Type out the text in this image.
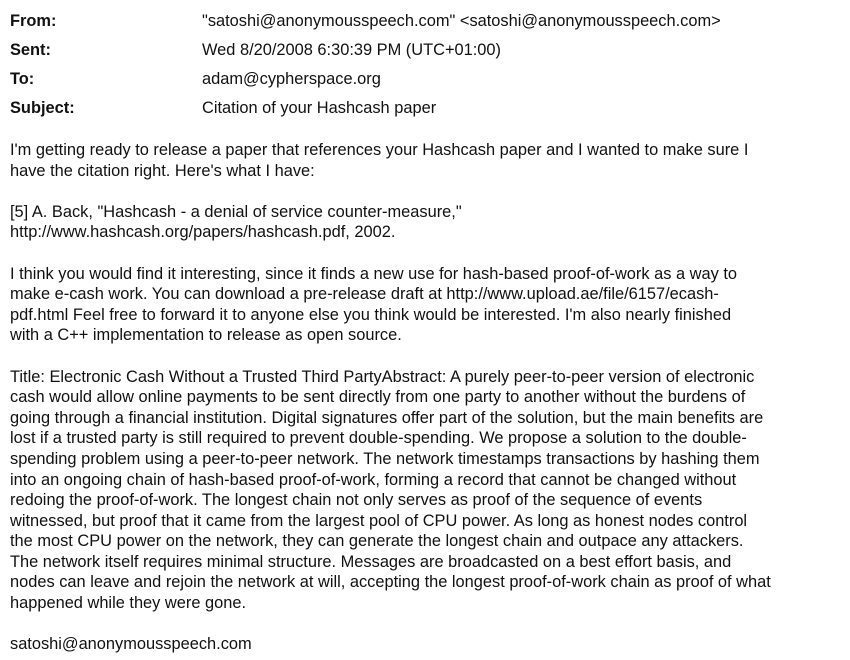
From:	"satoshi@anonymousspeech.com" <satoshi@anonymousspeech.com>
Sent:	Wed 8/20/2008 6:30:39 PM (UTC+01:00)
To:	adam@cypherspace.org
Subject:	Citation of your Hashcash paper

I'm getting ready to release a paper that references your Hashcash paper and I wanted to make sure I
have the citation right. Here's what I have:

[5] A. Back, "Hashcash - a denial of service counter-measure,"
http://www.hashcash.org/papers/hashcash.pdf, 2002.

I think you would find it interesting, since it finds a new use for hash-based proof-of-work as a way to
make e-cash work. You can download a pre-release draft at http://www.upload.ae/file/6157/ecash-
pdf.html Feel free to forward it to anyone else you think would be interested. I'm also nearly finished
with a C++ implementation to release as open source.

Title: Electronic Cash Without a Trusted Third PartyAbstract: A purely peer-to-peer version of electronic
cash would allow online payments to be sent directly from one party to another without the burdens of
going through a financial institution. Digital signatures offer part of the solution, but the main benefits are
lost if a trusted party is still required to prevent double-spending. We propose a solution to the double-
spending problem using a peer-to-peer network. The network timestamps transactions by hashing them
into an ongoing chain of hash-based proof-of-work, forming a record that cannot be changed without
redoing the proof-of-work. The longest chain not only serves as proof of the sequence of events
witnessed, but proof that it came from the largest pool of CPU power. As long as honest nodes control
the most CPU power on the network, they can generate the longest chain and outpace any attackers.
The network itself requires minimal structure. Messages are broadcasted on a best effort basis, and
nodes can leave and rejoin the network at will, accepting the longest proof-of-work chain as proof of what
happened while they were gone.

satoshi@anonymousspeech.com
